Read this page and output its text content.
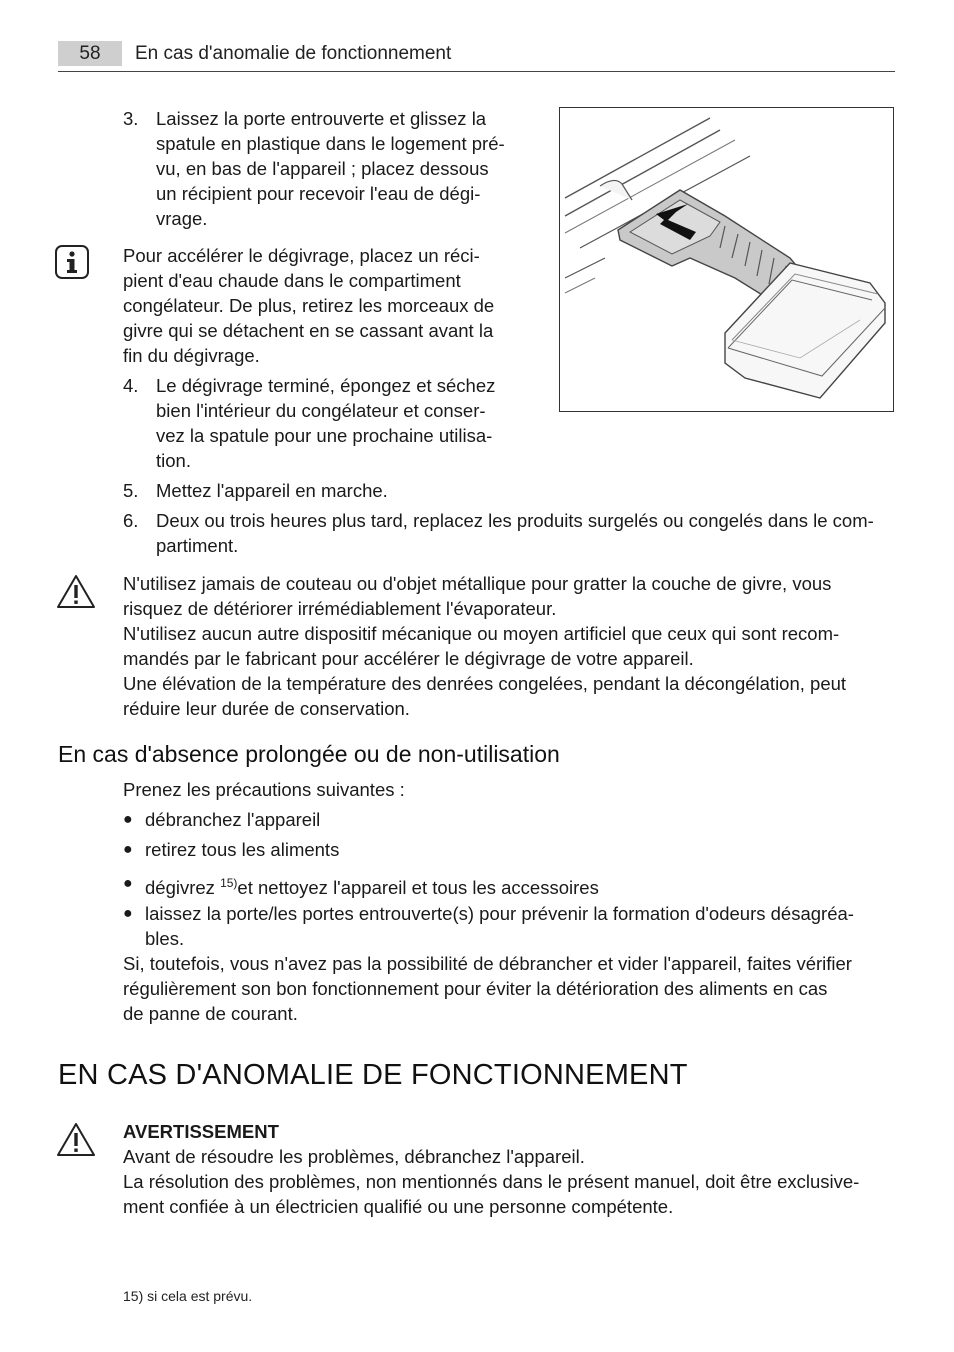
58	En cas d'anomalie de fonctionnement
3. Laissez la porte entrouverte et glissez la
spatule en plastique dans le logement pré-
vu, en bas de l'appareil ; placez dessous
un récipient pour recevoir l'eau de dégi-
vrage.
Pour accélérer le dégivrage, placez un réci-
pient d'eau chaude dans le compartiment
congélateur. De plus, retirez les morceaux de
givre qui se détachent en se cassant avant la
fin du dégivrage.
4. Le dégivrage terminé, épongez et séchez
bien l'intérieur du congélateur et conser-
vez la spatule pour une prochaine utilisa-
tion.
5. Mettez l'appareil en marche.
6. Deux ou trois heures plus tard, replacez les produits surgelés ou congelés dans le com-
partiment.
N'utilisez jamais de couteau ou d'objet métallique pour gratter la couche de givre, vous
risquez de détériorer irrémédiablement l'évaporateur.
N'utilisez aucun autre dispositif mécanique ou moyen artificiel que ceux qui sont recom-
mandés par le fabricant pour accélérer le dégivrage de votre appareil.
Une élévation de la température des denrées congelées, pendant la décongélation, peut
réduire leur durée de conservation.
En cas d'absence prolongée ou de non-utilisation
Prenez les précautions suivantes :
● débranchez l'appareil
● retirez tous les aliments
● dégivrez $^{15)}$et nettoyez l'appareil et tous les accessoires
● laissez la porte/les portes entrouverte(s) pour prévenir la formation d'odeurs désagréa-
bles.
Si, toutefois, vous n'avez pas la possibilité de débrancher et vider l'appareil, faites vérifier
régulièrement son bon fonctionnement pour éviter la détérioration des aliments en cas
de panne de courant.
EN CAS D'ANOMALIE DE FONCTIONNEMENT
AVERTISSEMENT
Avant de résoudre les problèmes, débranchez l'appareil.
La résolution des problèmes, non mentionnés dans le présent manuel, doit être exclusive-
ment confiée à un électricien qualifié ou une personne compétente.
15) si cela est prévu.
